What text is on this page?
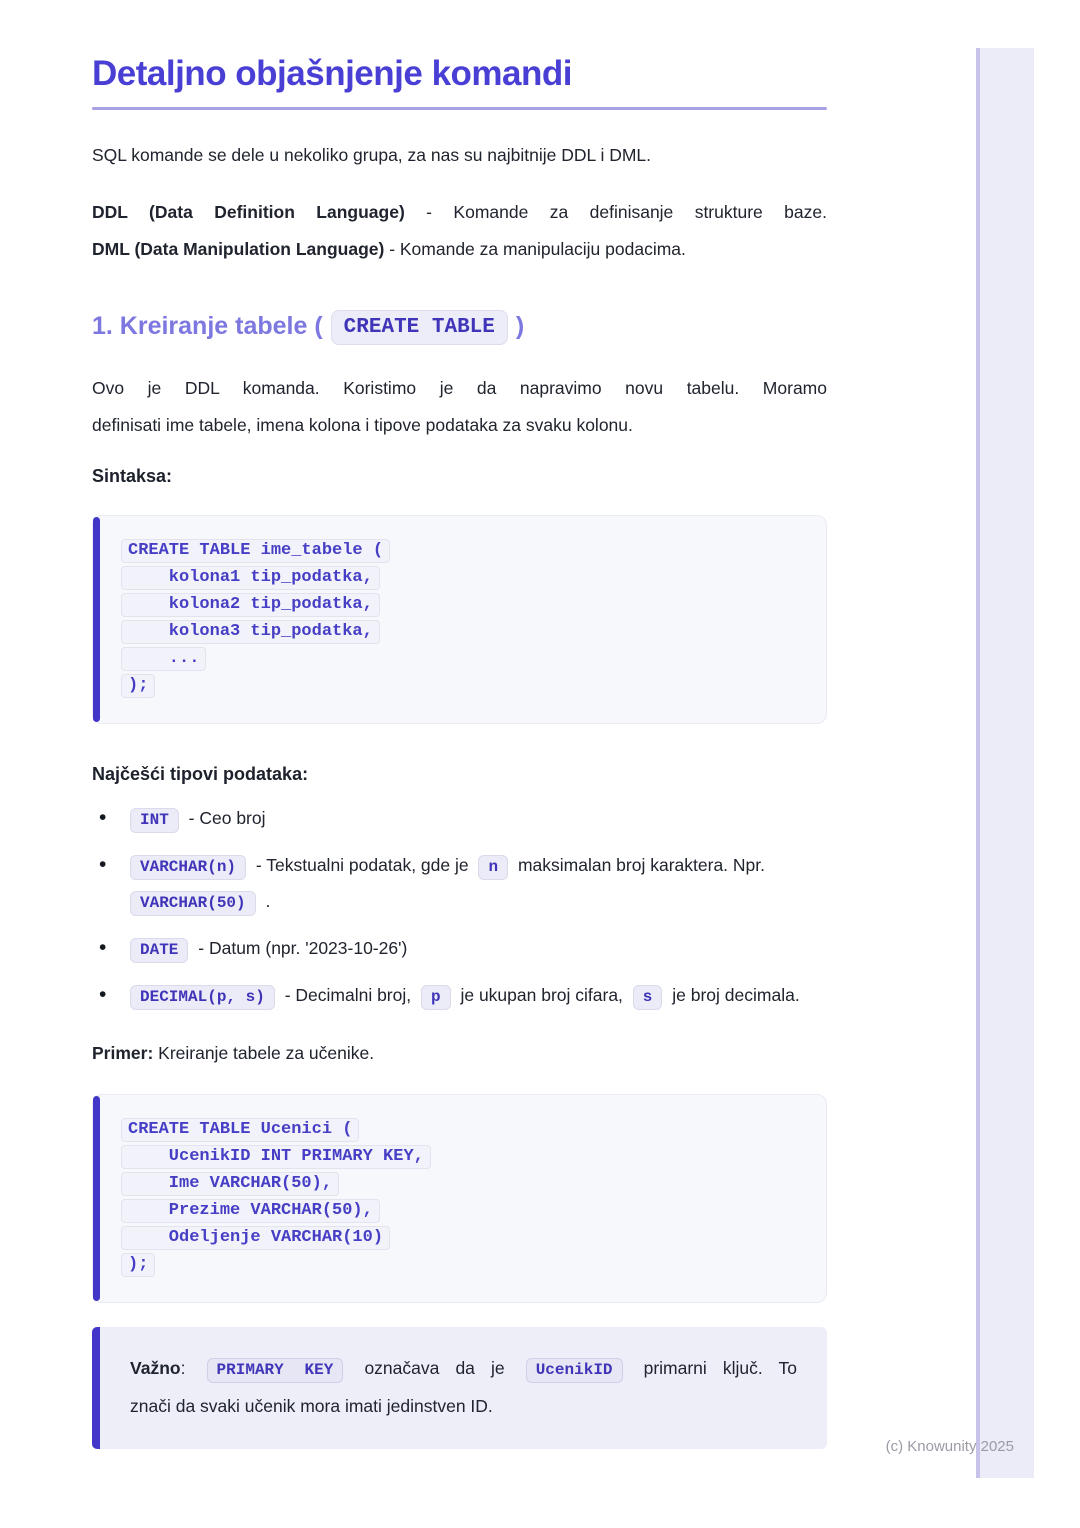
Detaljno objašnjenje komandi
SQL komande se dele u nekoliko grupa, za nas su najbitnije DDL i DML.
DDL (Data Definition Language) - Komande za definisanje strukture baze.
DML (Data Manipulation Language) - Komande za manipulaciju podacima.
1. Kreiranje tabele ( CREATE TABLE )
Ovo je DDL komanda. Koristimo je da napravimo novu tabelu. Moramo
definisati ime tabele, imena kolona i tipove podataka za svaku kolonu.
Sintaksa:
CREATE TABLE ime_tabele (
kolona1 tip_podatka,
kolona2 tip_podatka,
kolona3 tip_podatka,
...
);
Najčešći tipovi podataka:
• INT - Ceo broj
• VARCHAR(n) - Tekstualni podatak, gde je n maksimalan broj karaktera. Npr. VARCHAR(50) .
• DATE - Datum (npr. '2023-10-26')
• DECIMAL(p, s) - Decimalni broj, p je ukupan broj cifara, s je broj decimala.
Primer: Kreiranje tabele za učenike.
CREATE TABLE Ucenici (
UcenikID INT PRIMARY KEY,
Ime VARCHAR(50),
Prezime VARCHAR(50),
Odeljenje VARCHAR(10)
);
Važno: PRIMARY KEY označava da je UcenikID primarni ključ. To
znači da svaki učenik mora imati jedinstven ID.
(c) Knowunity 2025
